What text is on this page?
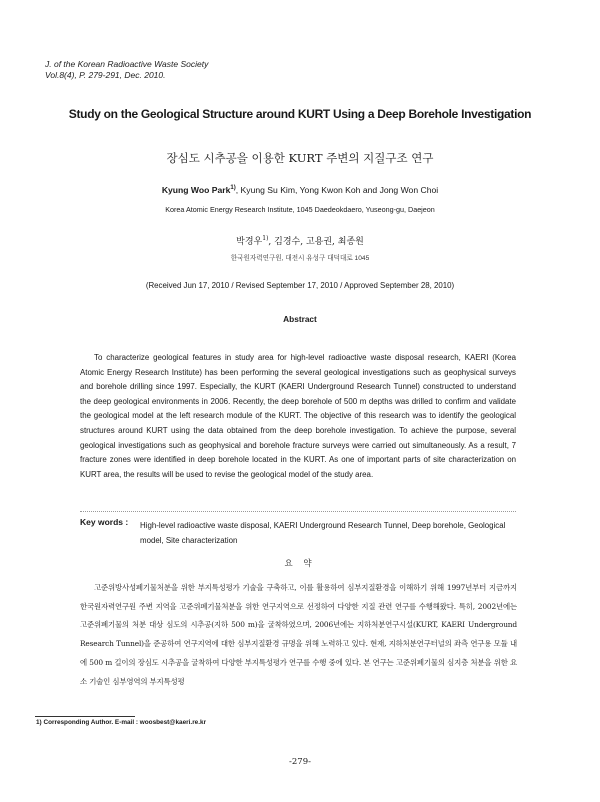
J. of the Korean Radioactive Waste Society
Vol.8(4), P. 279-291, Dec. 2010.
Study on the Geological Structure around KURT Using a Deep Borehole Investigation
장심도 시추공을 이용한 KURT 주변의 지질구조 연구
Kyung Woo Park$^{1)}$, Kyung Su Kim, Yong Kwon Koh and Jong Won Choi
Korea Atomic Energy Research Institute, 1045 Daedeokdaero, Yuseong-gu, Daejeon
박경우$^{1)}$, 김경수, 고용권, 최종원
한국원자력연구원, 대전시 유성구 대덕대로 1045
(Received Jun 17, 2010 / Revised September 17, 2010 / Approved September 28, 2010)
Abstract
To characterize geological features in study area for high-level radioactive waste disposal research, KAERI (Korea Atomic Energy Research Institute) has been performing the several geological investigations such as geophysical surveys and borehole drilling since 1997. Especially, the KURT (KAERI Underground Research Tunnel) constructed to understand the deep geological environments in 2006. Recently, the deep borehole of 500 m depths was drilled to confirm and validate the geological model at the left research module of the KURT. The objective of this research was to identify the geological structures around KURT using the data obtained from the deep borehole investigation. To achieve the purpose, several geological investigations such as geophysical and borehole fracture surveys were carried out simultaneously. As a result, 7 fracture zones were identified in deep borehole located in the KURT. As one of important parts of site characterization on KURT area, the results will be used to revise the geological model of the study area.
Key words : High-level radioactive waste disposal, KAERI Underground Research Tunnel, Deep borehole, Geological model, Site characterization
요 약
고준위방사성폐기물처분을 위한 부지특성평가 기술을 구축하고, 이를 활용하여 심부지질환경을 이해하기 위해 1997년부터 지금까지 한국원자력연구원 주변 지역을 고준위폐기물처분을 위한 연구지역으로 선정하여 다양한 지질 관련 연구를 수행해왔다. 특히, 2002년에는 고준위폐기물의 처분 대상 심도의 시추공(지하 500 m)을 굴착하였으며, 2006년에는 지하처분연구시설(KURT, KAERI Underground Research Tunnel)을 준공하여 연구지역에 대한 심부지질환경 규명을 위해 노력하고 있다. 현재, 지하처분연구터널의 좌측 연구용 모듈 내에 500 m 길이의 장심도 시추공을 굴착하여 다양한 부지특성평가 연구를 수행 중에 있다. 본 연구는 고준위폐기물의 심지층 처분을 위한 요소 기술인 심부영역의 부지특성평
1) Corresponding Author. E-mail : woosbest@kaeri.re.kr
-279-
